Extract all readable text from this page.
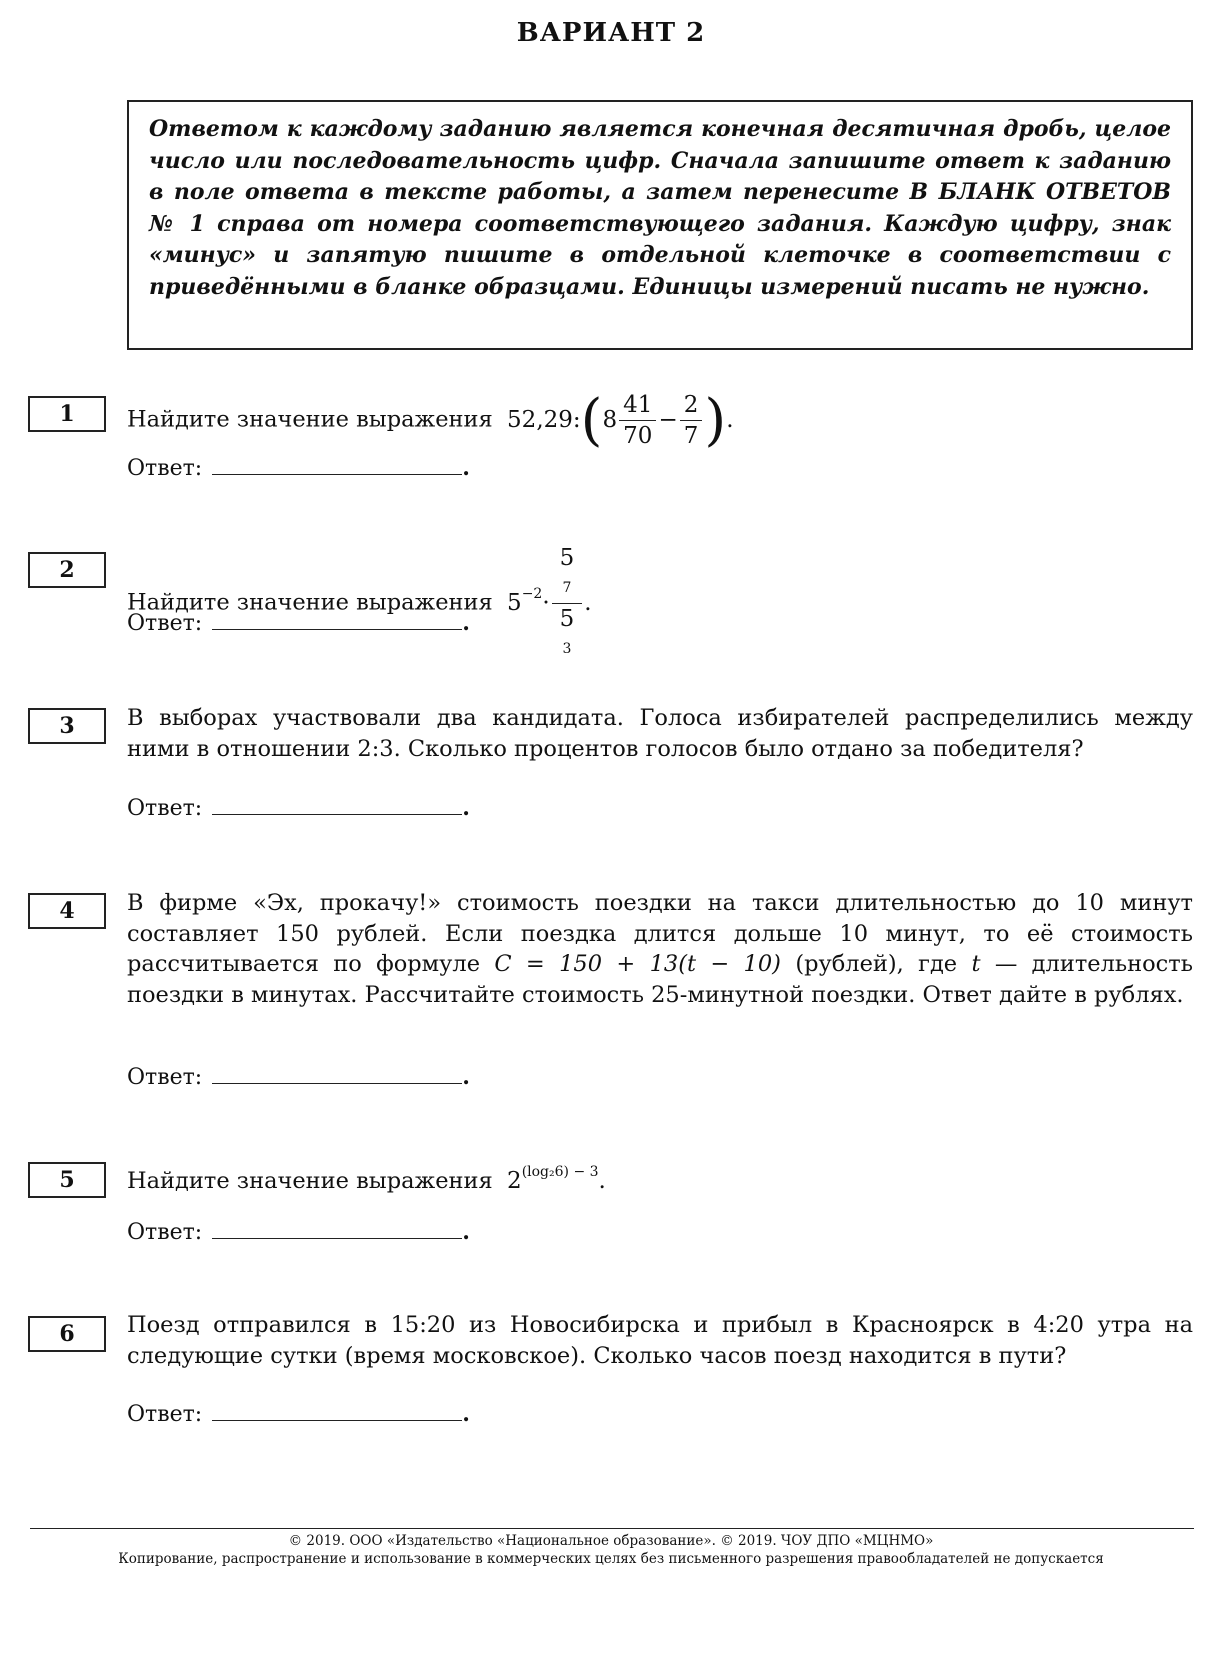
ВАРИАНТ 2
Ответом к каждому заданию является конечная десятичная дробь, целое число или последовательность цифр. Сначала запишите ответ к заданию в поле ответа в тексте работы, а затем перенесите В БЛАНК ОТВЕТОВ № 1 справа от номера соответствующего задания. Каждую цифру, знак «минус» и запятую пишите в отдельной клеточке в соответствии с приведёнными в бланке образцами. Единицы измерений писать не нужно.
1	Найдите значение выражения 52,29:(8 $\frac{41}{70} - \frac{2}{7}$ ).
Ответ:	.
2
Найдите значение выражения $5^{-2}\cdot 5$
7
5
3 .
Ответ:	.
3	В выборах участвовали два кандидата. Голоса избирателей распределились между ними в отношении 2:3. Сколько процентов голосов было отдано за победителя?
Ответ:	.
4	В фирме «Эх, прокачу!» стоимость поездки на такси длительностью до 10 минут составляет 150 рублей. Если поездка длится дольше 10 минут, то её стоимость рассчитывается по формуле C = 150 + 13(t − 10) (рублей), где t — длительность поездки в минутах. Рассчитайте стоимость 25-минутной поездки. Ответ дайте в рублях.
Ответ:	.
5	Найдите значение выражения $2^{(log_26) - 3}$.
Ответ:	.
6	Поезд отправился в 15:20 из Новосибирска и прибыл в Красноярск в 4:20 утра на следующие сутки (время московское). Сколько часов поезд находится в пути?
Ответ:	.
© 2019. ООО «Издательство «Национальное образование». © 2019. ЧОУ ДПО «МЦНМО»
Копирование, распространение и использование в коммерческих целях без письменного разрешения правообладателей не допускается
